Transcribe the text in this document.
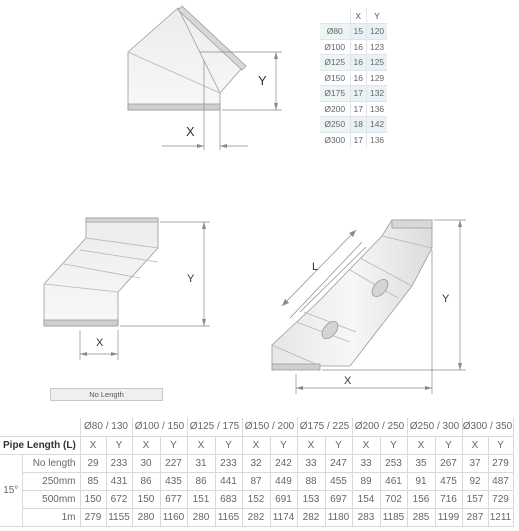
X
Y
Y
X
L
Y
X
	X	Y
Ø80	15	120
Ø100	16	123
Ø125	16	125
Ø150	16	129
Ø175	17	132
Ø200	17	136
Ø250	18	142
Ø300	17	136
No Length
		Ø80 / 130		Ø100 / 150		Ø125 / 175		Ø150 / 200		Ø175 / 225		Ø200 / 250		Ø250 / 300		Ø300 / 350	
Pipe Length (L)		X	Y	X	Y	X	Y	X	Y	X	Y	X	Y	X	Y	X	Y
15°	No length	29	233	30	227	31	233	32	242	33	247	33	253	35	267	37	279
	250mm	85	431	86	435	86	441	87	449	88	455	89	461	91	475	92	487
	500mm	150	672	150	677	151	683	152	691	153	697	154	702	156	716	157	729
	1m	279	1155	280	1160	280	1165	282	1174	282	1180	283	1185	285	1199	287	1211
